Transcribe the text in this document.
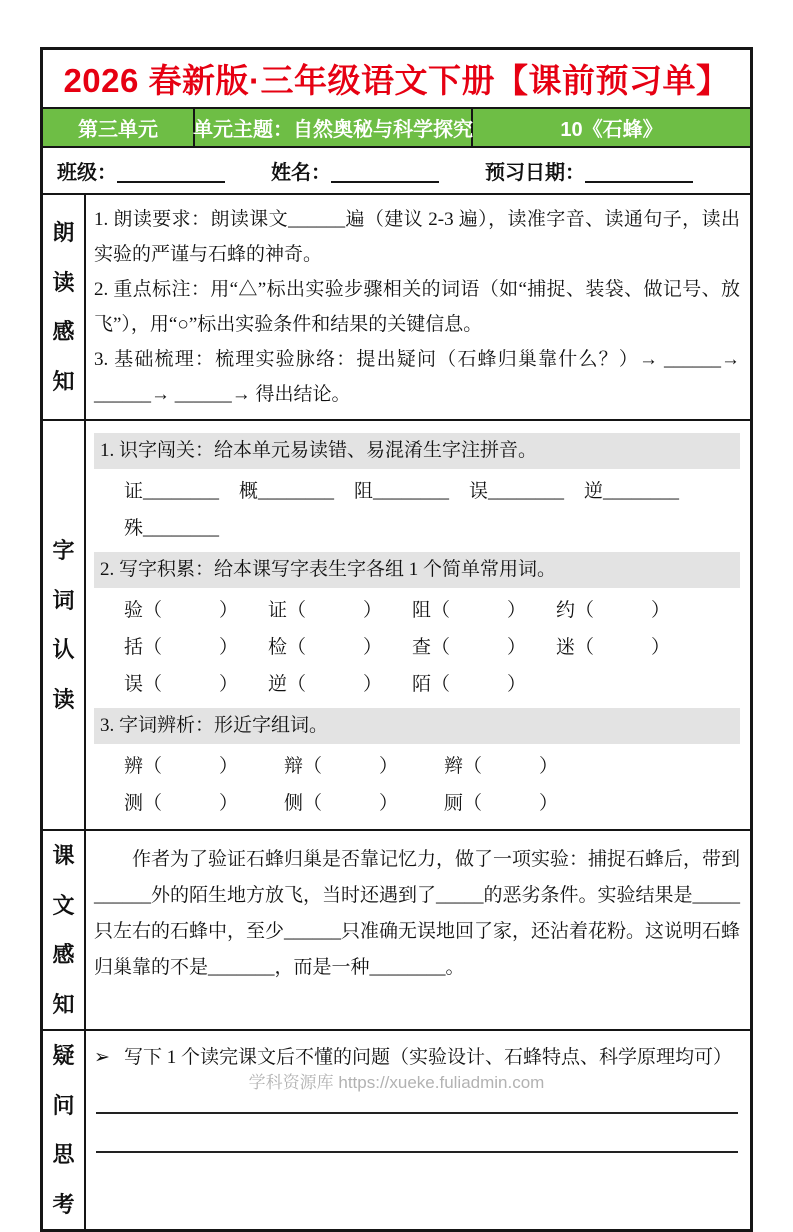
2026 春新版·三年级语文下册【课前预习单】
第三单元	单元主题：自然奥秘与科学探究	10《石蜂》
班级：	姓名：	预习日期：
朗读感知
1. 朗读要求：朗读课文______遍（建议 2-3 遍），读准字音、读通句子，读出实验的严谨与石蜂的神奇。
2. 重点标注：用“△”标出实验步骤相关的词语（如“捕捉、装袋、做记号、放飞”），用“○”标出实验条件和结果的关键信息。
3. 基础梳理：梳理实验脉络：提出疑问（石蜂归巢靠什么？）→ ______→ ______→ ______→ 得出结论。
字词认读
1. 识字闯关：给本单元易读错、易混淆生字注拼音。
证________	概________	阻________	误________	逆________
殊________
2. 写字积累：给本课写字表生字各组 1 个简单常用词。
验（　　　）	证（　　　）	阻（　　　）	约（　　　）
括（　　　）	检（　　　）	查（　　　）	迷（　　　）
误（　　　）	逆（　　　）	陌（　　　）
3. 字词辨析：形近字组词。
辨（　　　）	辩（　　　）	辫（　　　）
测（　　　）	侧（　　　）	厕（　　　）
课文感知
作者为了验证石蜂归巢是否靠记忆力，做了一项实验：捕捉石蜂后，带到______外的陌生地方放飞，当时还遇到了_____的恶劣条件。实验结果是_____只左右的石蜂中，至少______只准确无误地回了家，还沾着花粉。这说明石蜂归巢靠的不是_______，而是一种________。
疑问思考
➢ 写下 1 个读完课文后不懂的问题（实验设计、石蜂特点、科学原理均可）
学科资源库 https://xueke.fuliadmin.com
